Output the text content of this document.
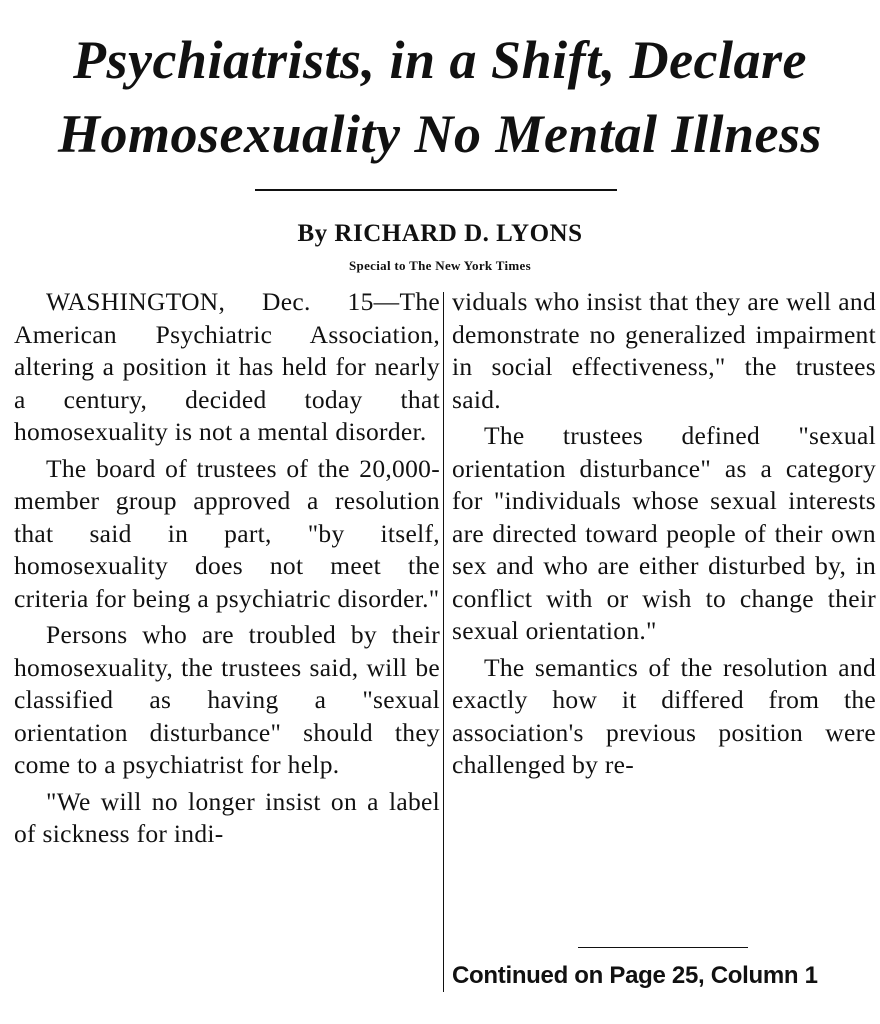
Psychiatrists, in a Shift, Declare
Homosexuality No Mental Illness
By RICHARD D. LYONS
Special to The New York Times

WASHINGTON, Dec. 15—The American Psychiatric Association, altering a position it has held for nearly a century, decided today that homosexuality is not a mental disorder.

The board of trustees of the 20,000-member group approved a resolution that said in part, "by itself, homosexuality does not meet the criteria for being a psychiatric disorder."

Persons who are troubled by their homosexuality, the trustees said, will be classified as having a "sexual orientation disturbance" should they come to a psychiatrist for help.

"We will no longer insist on a label of sickness for indi-

viduals who insist that they are well and demonstrate no generalized impairment in social effectiveness," the trustees said.

The trustees defined "sexual orientation disturbance" as a category for "individuals whose sexual interests are directed toward people of their own sex and who are either disturbed by, in conflict with or wish to change their sexual orientation."

The semantics of the resolution and exactly how it differed from the association's previous position were challenged by re-

Continued on Page 25, Column 1
